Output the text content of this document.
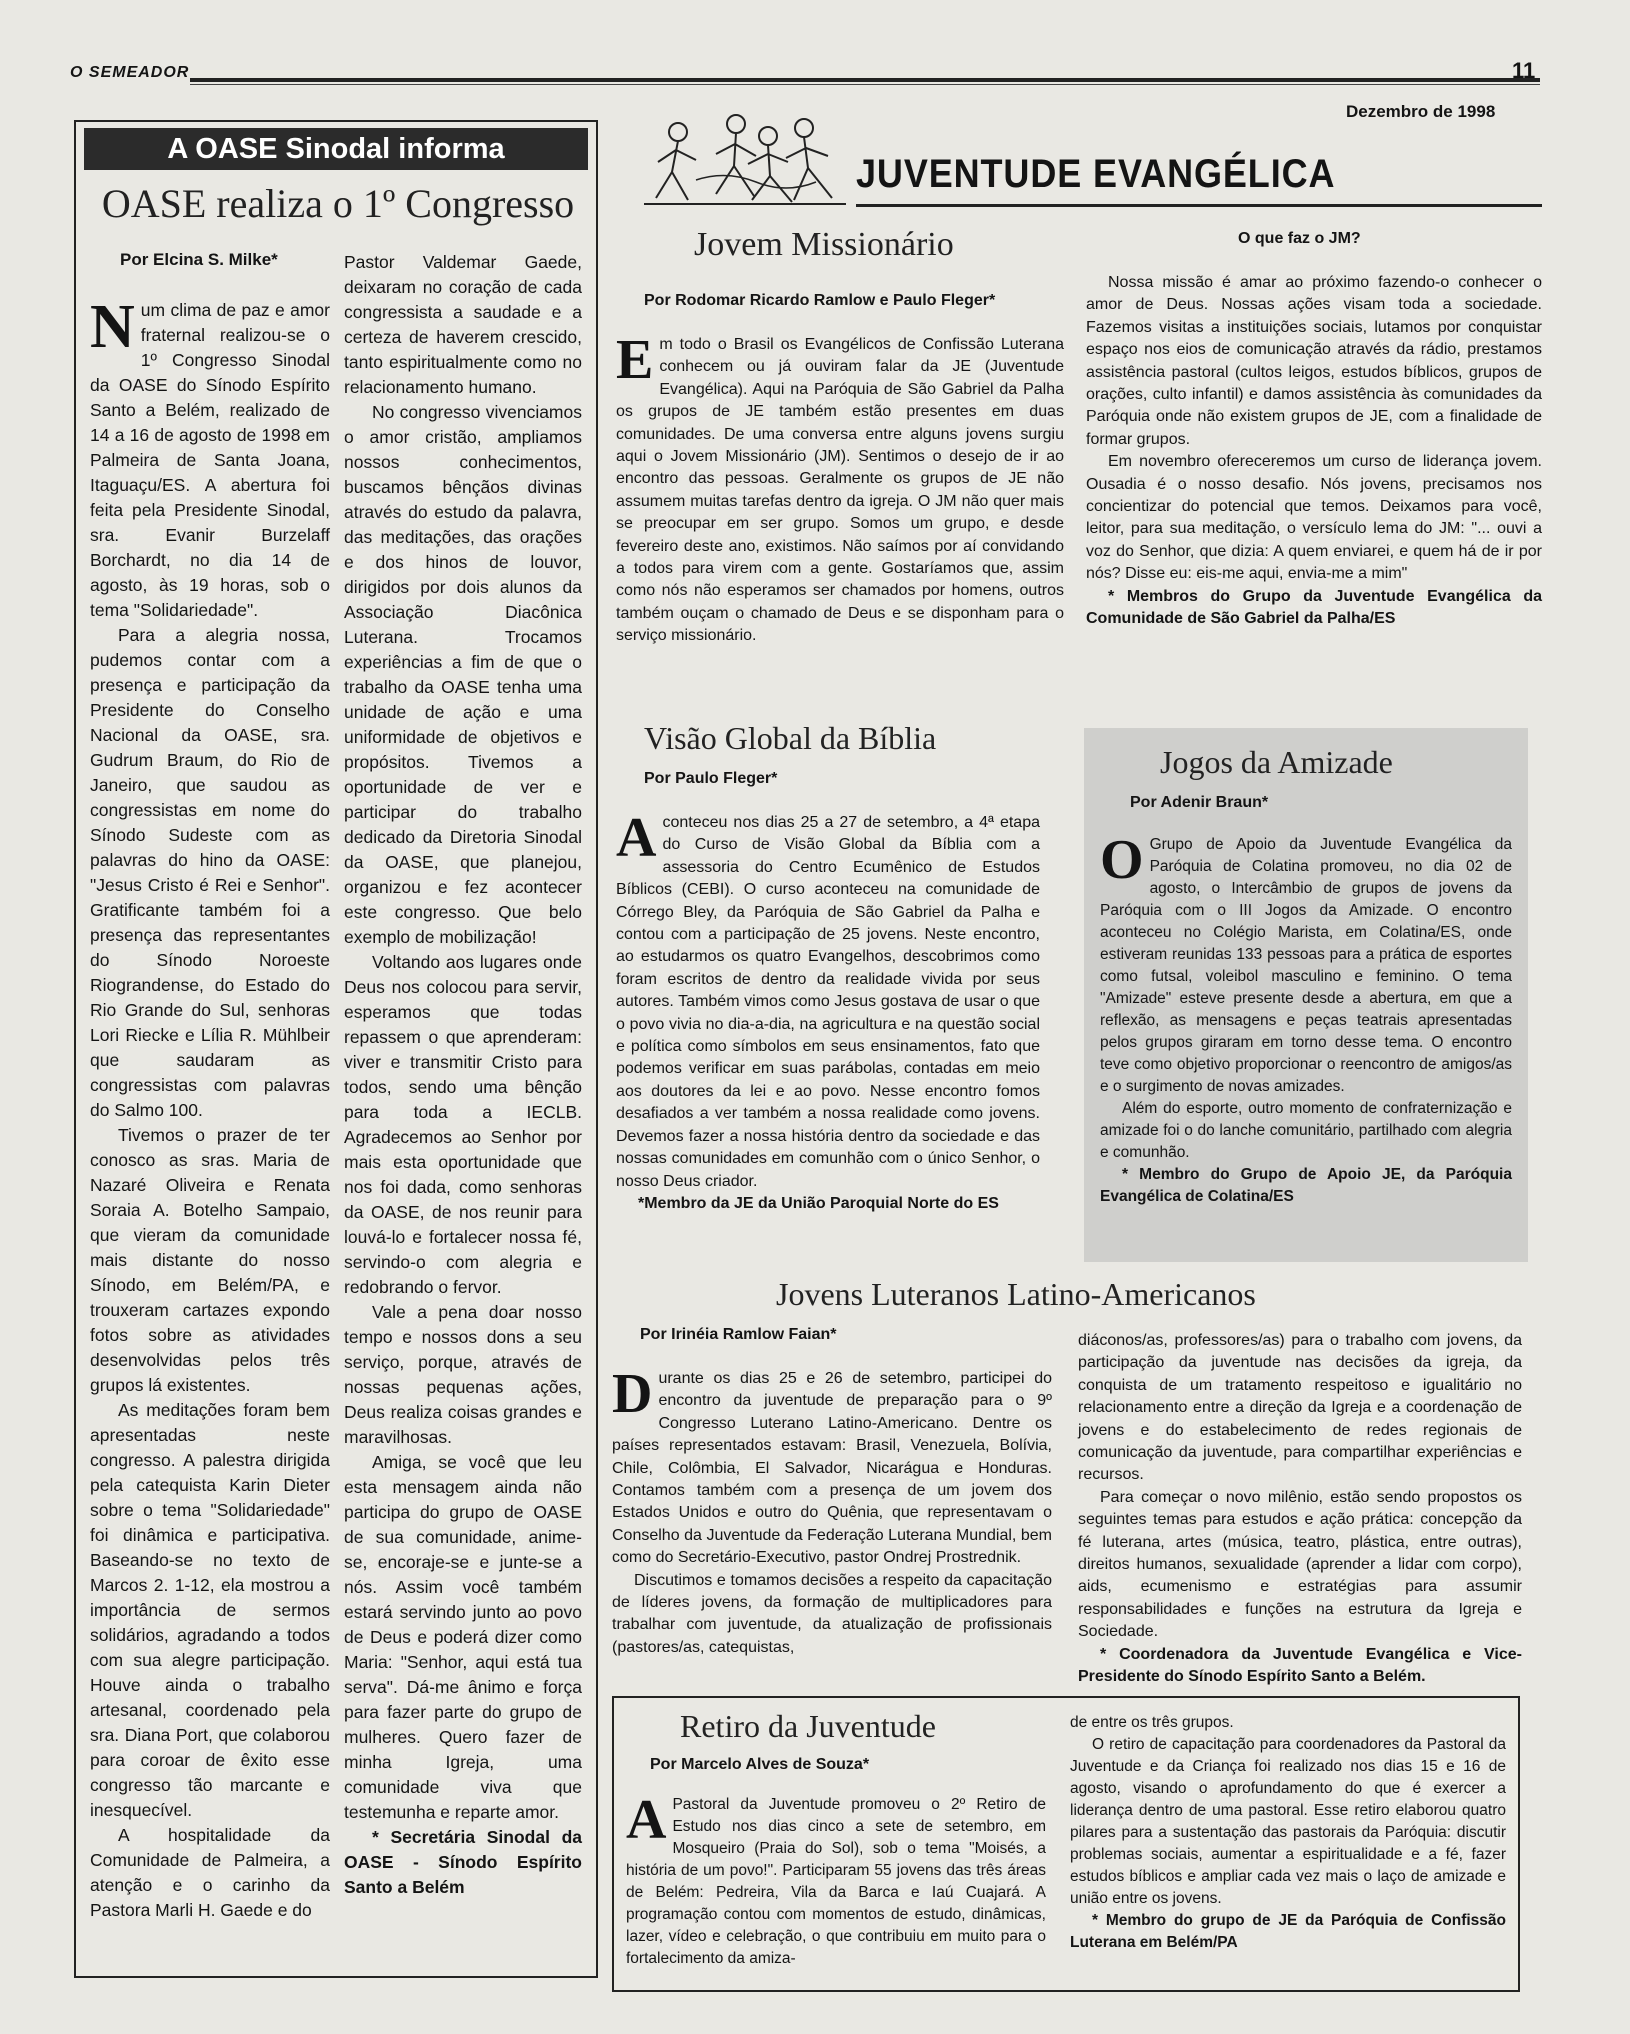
O SEMEADOR	11
Dezembro de 1998
A OASE Sinodal informa
OASE realiza o 1º Congresso
Por Elcina S. Milke*

Num clima de paz e amor fraternal realizou-se o 1º Congresso Sinodal da OASE do Sínodo Espírito Santo a Belém, realizado de 14 a 16 de agosto de 1998 em Palmeira de Santa Joana, Itaguaçu/ES. A abertura foi feita pela Presidente Sinodal, sra. Evanir Burzelaff Borchardt, no dia 14 de agosto, às 19 horas, sob o tema "Solidariedade".

Para a alegria nossa, pudemos contar com a presença e participação da Presidente do Conselho Nacional da OASE, sra. Gudrum Braum, do Rio de Janeiro, que saudou as congressistas em nome do Sínodo Sudeste com as palavras do hino da OASE: "Jesus Cristo é Rei e Senhor". Gratificante também foi a presença das representantes do Sínodo Noroeste Riograndense, do Estado do Rio Grande do Sul, senhoras Lori Riecke e Lília R. Mühlbeir que saudaram as congressistas com palavras do Salmo 100.

Tivemos o prazer de ter conosco as sras. Maria de Nazaré Oliveira e Renata Soraia A. Botelho Sampaio, que vieram da comunidade mais distante do nosso Sínodo, em Belém/PA, e trouxeram cartazes expondo fotos sobre as atividades desenvolvidas pelos três grupos lá existentes.

As meditações foram bem apresentadas neste congresso. A palestra dirigida pela catequista Karin Dieter sobre o tema "Solidariedade" foi dinâmica e participativa. Baseando-se no texto de Marcos 2. 1-12, ela mostrou a importância de sermos solidários, agradando a todos com sua alegre participação. Houve ainda o trabalho artesanal, coordenado pela sra. Diana Port, que colaborou para coroar de êxito esse congresso tão marcante e inesquecível.

A hospitalidade da Comunidade de Palmeira, a atenção e o carinho da Pastora Marli H. Gaede e do

Pastor Valdemar Gaede, deixaram no coração de cada congressista a saudade e a certeza de haverem crescido, tanto espiritualmente como no relacionamento humano.

No congresso vivenciamos o amor cristão, ampliamos nossos conhecimentos, buscamos bênçãos divinas através do estudo da palavra, das meditações, das orações e dos hinos de louvor, dirigidos por dois alunos da Associação Diacônica Luterana. Trocamos experiências a fim de que o trabalho da OASE tenha uma unidade de ação e uma uniformidade de objetivos e propósitos. Tivemos a oportunidade de ver e participar do trabalho dedicado da Diretoria Sinodal da OASE, que planejou, organizou e fez acontecer este congresso. Que belo exemplo de mobilização!

Voltando aos lugares onde Deus nos colocou para servir, esperamos que todas repassem o que aprenderam: viver e transmitir Cristo para todos, sendo uma bênção para toda a IECLB. Agradecemos ao Senhor por mais esta oportunidade que nos foi dada, como senhoras da OASE, de nos reunir para louvá-lo e fortalecer nossa fé, servindo-o com alegria e redobrando o fervor.

Vale a pena doar nosso tempo e nossos dons a seu serviço, porque, através de nossas pequenas ações, Deus realiza coisas grandes e maravilhosas.

Amiga, se você que leu esta mensagem ainda não participa do grupo de OASE de sua comunidade, anime-se, encoraje-se e junte-se a nós. Assim você também estará servindo junto ao povo de Deus e poderá dizer como Maria: "Senhor, aqui está tua serva". Dá-me ânimo e força para fazer parte do grupo de mulheres. Quero fazer de minha Igreja, uma comunidade viva que testemunha e reparte amor.

* Secretária Sinodal da OASE - Sínodo Espírito Santo a Belém

JUVENTUDE EVANGÉLICA
Jovem Missionário
Por Rodomar Ricardo Ramlow e Paulo Fleger*

Em todo o Brasil os Evangélicos de Confissão Luterana conhecem ou já ouviram falar da JE (Juventude Evangélica). Aqui na Paróquia de São Gabriel da Palha os grupos de JE também estão presentes em duas comunidades. De uma conversa entre alguns jovens surgiu aqui o Jovem Missionário (JM). Sentimos o desejo de ir ao encontro das pessoas. Geralmente os grupos de JE não assumem muitas tarefas dentro da igreja. O JM não quer mais se preocupar em ser grupo. Somos um grupo, e desde fevereiro deste ano, existimos. Não saímos por aí convidando a todos para virem com a gente. Gostaríamos que, assim como nós não esperamos ser chamados por homens, outros também ouçam o chamado de Deus e se disponham para o serviço missionário.

O que faz o JM?

Nossa missão é amar ao próximo fazendo-o conhecer o amor de Deus. Nossas ações visam toda a sociedade. Fazemos visitas a instituições sociais, lutamos por conquistar espaço nos eios de comunicação através da rádio, prestamos assistência pastoral (cultos leigos, estudos bíblicos, grupos de orações, culto infantil) e damos assistência às comunidades da Paróquia onde não existem grupos de JE, com a finalidade de formar grupos.

Em novembro ofereceremos um curso de liderança jovem. Ousadia é o nosso desafio. Nós jovens, precisamos nos concientizar do potencial que temos. Deixamos para você, leitor, para sua meditação, o versículo lema do JM: "... ouvi a voz do Senhor, que dizia: A quem enviarei, e quem há de ir por nós? Disse eu: eis-me aqui, envia-me a mim"

* Membros do Grupo da Juventude Evangélica da Comunidade de São Gabriel da Palha/ES

Visão Global da Bíblia
Por Paulo Fleger*

Aconteceu nos dias 25 a 27 de setembro, a 4ª etapa do Curso de Visão Global da Bíblia com a assessoria do Centro Ecumênico de Estudos Bíblicos (CEBI). O curso aconteceu na comunidade de Córrego Bley, da Paróquia de São Gabriel da Palha e contou com a participação de 25 jovens. Neste encontro, ao estudarmos os quatro Evangelhos, descobrimos como foram escritos de dentro da realidade vivida por seus autores. Também vimos como Jesus gostava de usar o que o povo vivia no dia-a-dia, na agricultura e na questão social e política como símbolos em seus ensinamentos, fato que podemos verificar em suas parábolas, contadas em meio aos doutores da lei e ao povo. Nesse encontro fomos desafiados a ver também a nossa realidade como jovens. Devemos fazer a nossa história dentro da sociedade e das nossas comunidades em comunhão com o único Senhor, o nosso Deus criador.

*Membro da JE da União Paroquial Norte do ES

Jogos da Amizade
Por Adenir Braun*

O Grupo de Apoio da Juventude Evangélica da Paróquia de Colatina promoveu, no dia 02 de agosto, o Intercâmbio de grupos de jovens da Paróquia com o III Jogos da Amizade. O encontro aconteceu no Colégio Marista, em Colatina/ES, onde estiveram reunidas 133 pessoas para a prática de esportes como futsal, voleibol masculino e feminino. O tema "Amizade" esteve presente desde a abertura, em que a reflexão, as mensagens e peças teatrais apresentadas pelos grupos giraram em torno desse tema. O encontro teve como objetivo proporcionar o reencontro de amigos/as e o surgimento de novas amizades.

Além do esporte, outro momento de confraternização e amizade foi o do lanche comunitário, partilhado com alegria e comunhão.

* Membro do Grupo de Apoio JE, da Paróquia Evangélica de Colatina/ES

Jovens Luteranos Latino-Americanos
Por Irinéia Ramlow Faian*

Durante os dias 25 e 26 de setembro, participei do encontro da juventude de preparação para o 9º Congresso Luterano Latino-Americano. Dentre os países representados estavam: Brasil, Venezuela, Bolívia, Chile, Colômbia, El Salvador, Nicarágua e Honduras. Contamos também com a presença de um jovem dos Estados Unidos e outro do Quênia, que representavam o Conselho da Juventude da Federação Luterana Mundial, bem como do Secretário-Executivo, pastor Ondrej Prostrednik.

Discutimos e tomamos decisões a respeito da capacitação de líderes jovens, da formação de multiplicadores para trabalhar com juventude, da atualização de profissionais (pastores/as, catequistas,

diáconos/as, professores/as) para o trabalho com jovens, da participação da juventude nas decisões da igreja, da conquista de um tratamento respeitoso e igualitário no relacionamento entre a direção da Igreja e a coordenação de jovens e do estabelecimento de redes regionais de comunicação da juventude, para compartilhar experiências e recursos.

Para começar o novo milênio, estão sendo propostos os seguintes temas para estudos e ação prática: concepção da fé luterana, artes (música, teatro, plástica, entre outras), direitos humanos, sexualidade (aprender a lidar com corpo), aids, ecumenismo e estratégias para assumir responsabilidades e funções na estrutura da Igreja e Sociedade.

* Coordenadora da Juventude Evangélica e Vice-Presidente do Sínodo Espírito Santo a Belém.

Retiro da Juventude
Por Marcelo Alves de Souza*

A Pastoral da Juventude promoveu o 2º Retiro de Estudo nos dias cinco a sete de setembro, em Mosqueiro (Praia do Sol), sob o tema "Moisés, a história de um povo!". Participaram 55 jovens das três áreas de Belém: Pedreira, Vila da Barca e Iaú Cuajará. A programação contou com momentos de estudo, dinâmicas, lazer, vídeo e celebração, o que contribuiu em muito para o fortalecimento da amiza-

de entre os três grupos.

O retiro de capacitação para coordenadores da Pastoral da Juventude e da Criança foi realizado nos dias 15 e 16 de agosto, visando o aprofundamento do que é exercer a liderança dentro de uma pastoral. Esse retiro elaborou quatro pilares para a sustentação das pastorais da Paróquia: discutir problemas sociais, aumentar a espiritualidade e a fé, fazer estudos bíblicos e ampliar cada vez mais o laço de amizade e união entre os jovens.

* Membro do grupo de JE da Paróquia de Confissão Luterana em Belém/PA
